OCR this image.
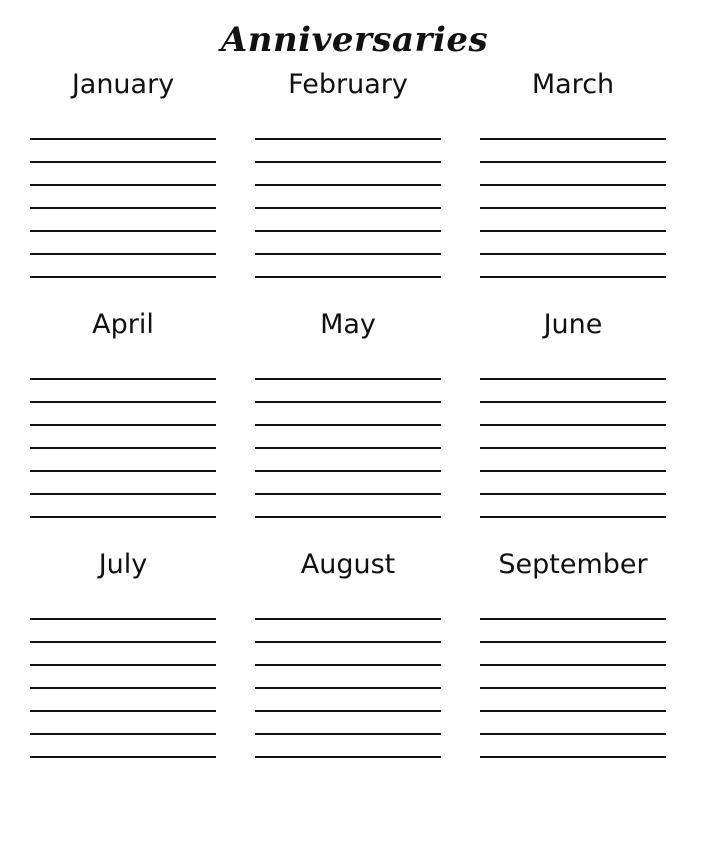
Anniversaries
January	February	March
April	May	June
July	August	September
